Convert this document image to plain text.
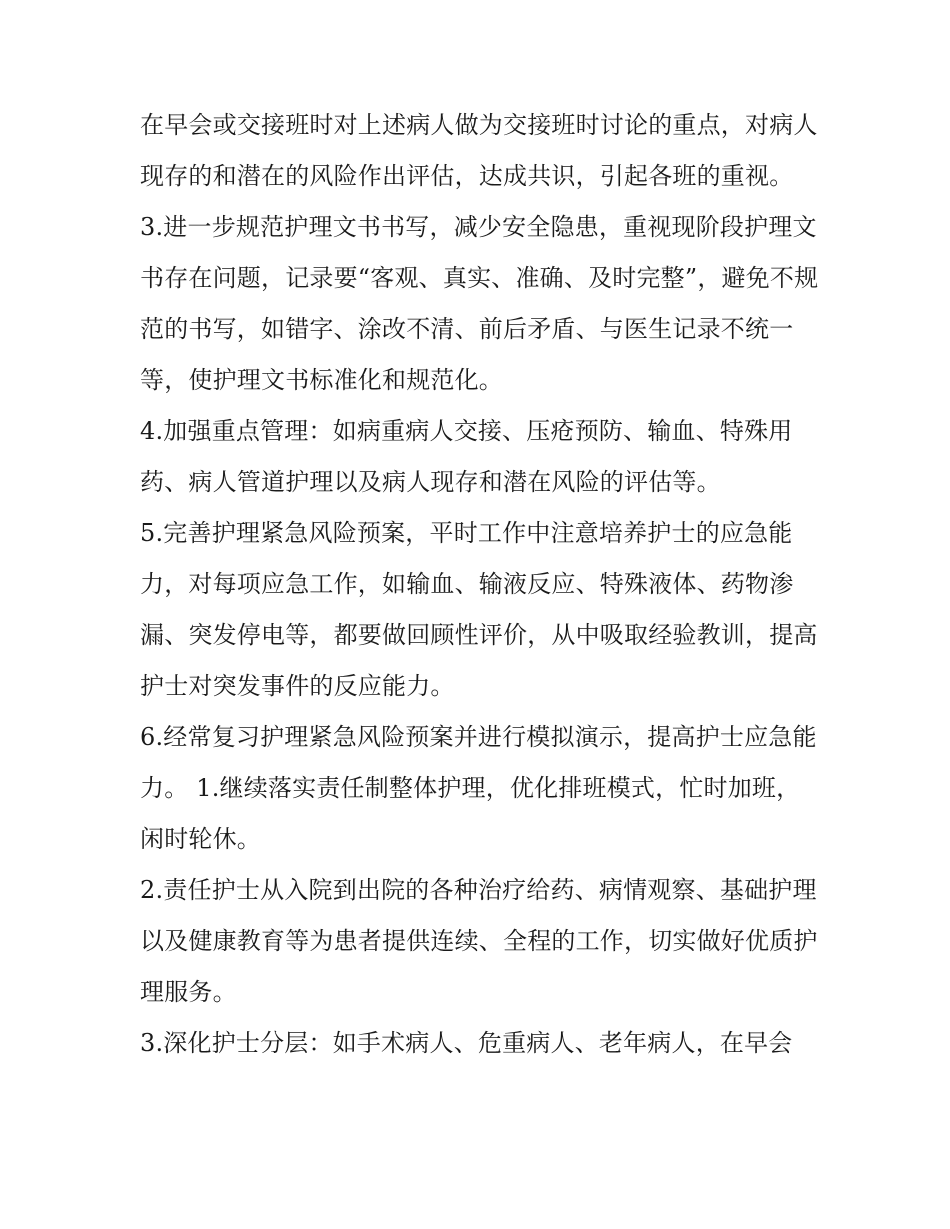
在早会或交接班时对上述病人做为交接班时讨论的重点，对病人现存的和潜在的风险作出评估，达成共识，引起各班的重视。

3.进一步规范护理文书书写，减少安全隐患，重视现阶段护理文书存在问题，记录要“客观、真实、准确、及时完整”，避免不规范的书写，如错字、涂改不清、前后矛盾、与医生记录不统一等，使护理文书标准化和规范化。

4.加强重点管理：如病重病人交接、压疮预防、输血、特殊用药、病人管道护理以及病人现存和潜在风险的评估等。

5.完善护理紧急风险预案，平时工作中注意培养护士的应急能力，对每项应急工作，如输血、输液反应、特殊液体、药物渗漏、突发停电等，都要做回顾性评价，从中吸取经验教训，提高护士对突发事件的反应能力。

6.经常复习护理紧急风险预案并进行模拟演示，提高护士应急能力。 1.继续落实责任制整体护理，优化排班模式，忙时加班，闲时轮休。

2.责任护士从入院到出院的各种治疗给药、病情观察、基础护理以及健康教育等为患者提供连续、全程的工作，切实做好优质护理服务。

3.深化护士分层：如手术病人、危重病人、老年病人，在早会
